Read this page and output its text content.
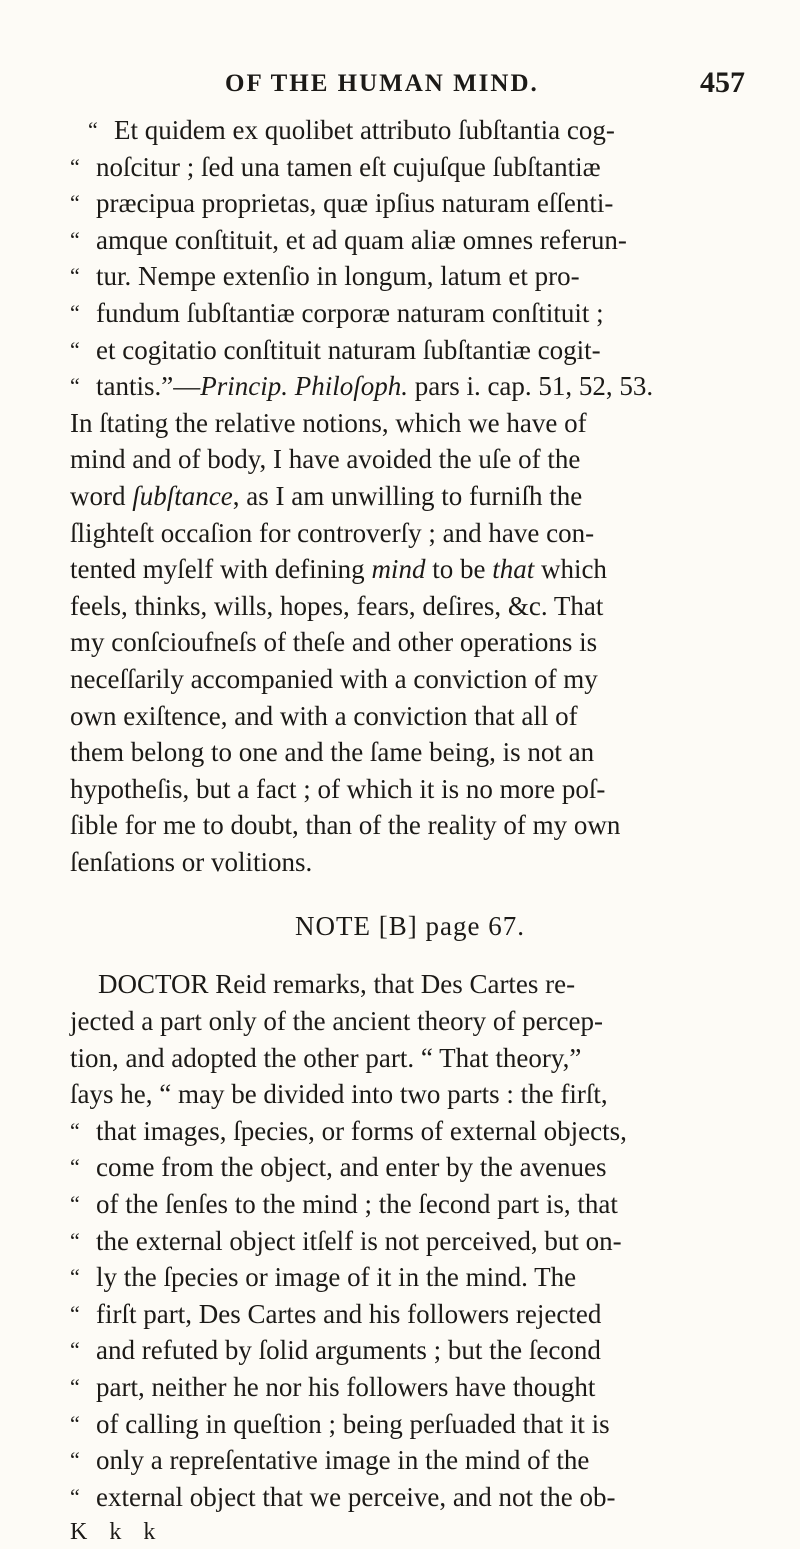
OF THE HUMAN MIND.	457
“ Et quidem ex quolibet attributo ſubſtantia cog-
“ noſcitur ; ſed una tamen eſt cujuſque ſubſtantiæ
“ præcipua proprietas, quæ ipſius naturam eſſenti-
“ amque conſtituit, et ad quam aliæ omnes referun-
“ tur. Nempe extenſio in longum, latum et pro-
“ fundum ſubſtantiæ corporæ naturam conſtituit ;
“ et cogitatio conſtituit naturam ſubſtantiæ cogit-
“ tantis.”—Princip. Philoſoph. pars i. cap. 51, 52, 53.
In ſtating the relative notions, which we have of
mind and of body, I have avoided the uſe of the
word ſubſtance, as I am unwilling to furniſh the
ſlighteſt occaſion for controverſy ; and have con-
tented myſelf with defining mind to be that which
feels, thinks, wills, hopes, fears, deſires, &c. That
my conſcioufneſs of theſe and other operations is
neceſſarily accompanied with a conviction of my
own exiſtence, and with a conviction that all of
them belong to one and the ſame being, is not an
hypotheſis, but a fact ; of which it is no more poſ-
ſible for me to doubt, than of the reality of my own
ſenſations or volitions.
NOTE [B] page 67.
DOCTOR Reid remarks, that Des Cartes re-
jected a part only of the ancient theory of percep-
tion, and adopted the other part. “ That theory,”
ſays he, “ may be divided into two parts : the firſt,
“ that images, ſpecies, or forms of external objects,
“ come from the object, and enter by the avenues
“ of the ſenſes to the mind ; the ſecond part is, that
“ the external object itſelf is not perceived, but on-
“ ly the ſpecies or image of it in the mind. The
“ firſt part, Des Cartes and his followers rejected
“ and refuted by ſolid arguments ; but the ſecond
“ part, neither he nor his followers have thought
“ of calling in queſtion ; being perſuaded that it is
“ only a repreſentative image in the mind of the
“ external object that we perceive, and not the ob-
K k k
